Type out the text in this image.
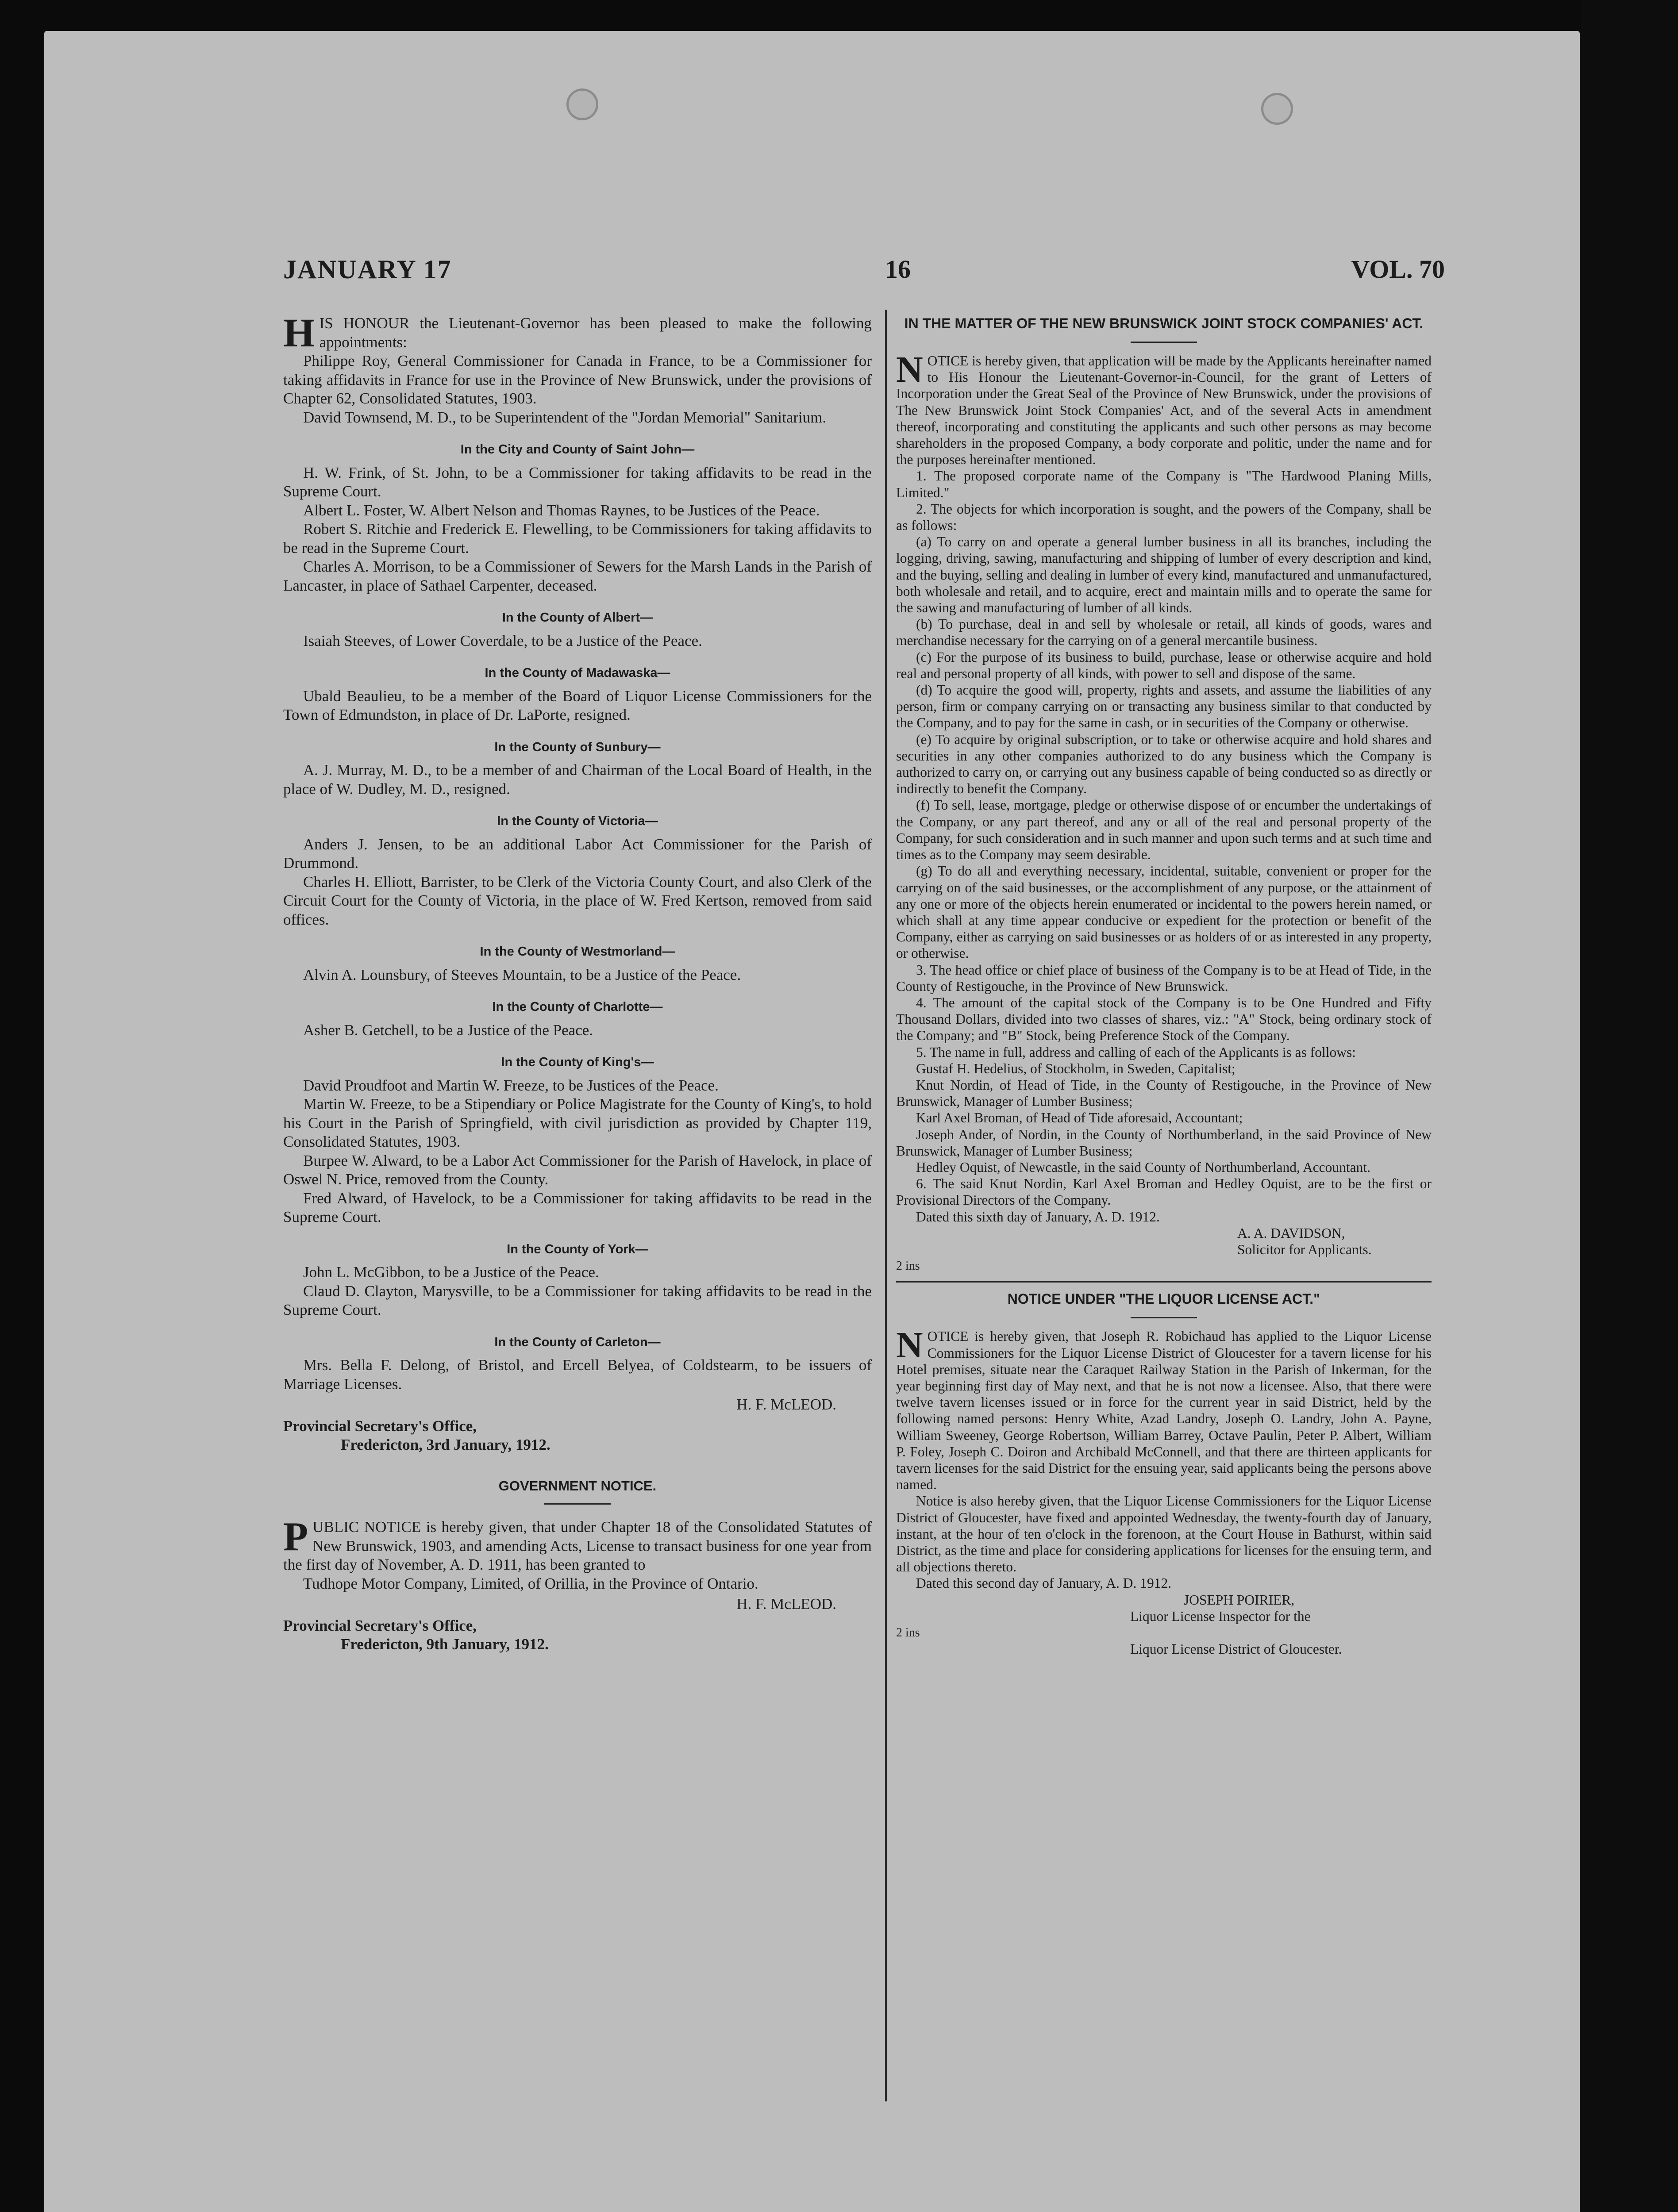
JANUARY 17	16	VOL. 70

HIS HONOUR the Lieutenant-Governor has been pleased to make the following appointments:

Philippe Roy, General Commissioner for Canada in France, to be a Commissioner for taking affidavits in France for use in the Province of New Brunswick, under the provisions of Chapter 62, Consolidated Statutes, 1903.

David Townsend, M. D., to be Superintendent of the "Jordan Memorial" Sanitarium.

In the City and County of Saint John—

H. W. Frink, of St. John, to be a Commissioner for taking affidavits to be read in the Supreme Court.

Albert L. Foster, W. Albert Nelson and Thomas Raynes, to be Justices of the Peace.

Robert S. Ritchie and Frederick E. Flewelling, to be Commissioners for taking affidavits to be read in the Supreme Court.

Charles A. Morrison, to be a Commissioner of Sewers for the Marsh Lands in the Parish of Lancaster, in place of Sathael Carpenter, deceased.

In the County of Albert—

Isaiah Steeves, of Lower Coverdale, to be a Justice of the Peace.

In the County of Madawaska—

Ubald Beaulieu, to be a member of the Board of Liquor License Commissioners for the Town of Edmundston, in place of Dr. LaPorte, resigned.

In the County of Sunbury—

A. J. Murray, M. D., to be a member of and Chairman of the Local Board of Health, in the place of W. Dudley, M. D., resigned.

In the County of Victoria—

Anders J. Jensen, to be an additional Labor Act Commissioner for the Parish of Drummond.

Charles H. Elliott, Barrister, to be Clerk of the Victoria County Court, and also Clerk of the Circuit Court for the County of Victoria, in the place of W. Fred Kertson, removed from said offices.

In the County of Westmorland—

Alvin A. Lounsbury, of Steeves Mountain, to be a Justice of the Peace.

In the County of Charlotte—

Asher B. Getchell, to be a Justice of the Peace.

In the County of King's—

David Proudfoot and Martin W. Freeze, to be Justices of the Peace.

Martin W. Freeze, to be a Stipendiary or Police Magistrate for the County of King's, to hold his Court in the Parish of Springfield, with civil jurisdiction as provided by Chapter 119, Consolidated Statutes, 1903.

Burpee W. Alward, to be a Labor Act Commissioner for the Parish of Havelock, in place of Oswel N. Price, removed from the County.

Fred Alward, of Havelock, to be a Commissioner for taking affidavits to be read in the Supreme Court.

In the County of York—

John L. McGibbon, to be a Justice of the Peace.

Claud D. Clayton, Marysville, to be a Commissioner for taking affidavits to be read in the Supreme Court.

In the County of Carleton—

Mrs. Bella F. Delong, of Bristol, and Ercell Belyea, of Coldstearm, to be issuers of Marriage Licenses.

H. F. McLEOD.

Provincial Secretary's Office,

Fredericton, 3rd January, 1912.

GOVERNMENT NOTICE.

PUBLIC NOTICE is hereby given, that under Chapter 18 of the Consolidated Statutes of New Brunswick, 1903, and amending Acts, License to transact business for one year from the first day of November, A. D. 1911, has been granted to

Tudhope Motor Company, Limited, of Orillia, in the Province of Ontario.

H. F. McLEOD.

Provincial Secretary's Office,

Fredericton, 9th January, 1912.

IN THE MATTER OF THE NEW BRUNSWICK JOINT STOCK COMPANIES' ACT.

NOTICE is hereby given, that application will be made by the Applicants hereinafter named to His Honour the Lieutenant-Governor-in-Council, for the grant of Letters of Incorporation under the Great Seal of the Province of New Brunswick, under the provisions of The New Brunswick Joint Stock Companies' Act, and of the several Acts in amendment thereof, incorporating and constituting the applicants and such other persons as may become shareholders in the proposed Company, a body corporate and politic, under the name and for the purposes hereinafter mentioned.

1. The proposed corporate name of the Company is "The Hardwood Planing Mills, Limited."

2. The objects for which incorporation is sought, and the powers of the Company, shall be as follows:

(a) To carry on and operate a general lumber business in all its branches, including the logging, driving, sawing, manufacturing and shipping of lumber of every description and kind, and the buying, selling and dealing in lumber of every kind, manufactured and unmanufactured, both wholesale and retail, and to acquire, erect and maintain mills and to operate the same for the sawing and manufacturing of lumber of all kinds.

(b) To purchase, deal in and sell by wholesale or retail, all kinds of goods, wares and merchandise necessary for the carrying on of a general mercantile business.

(c) For the purpose of its business to build, purchase, lease or otherwise acquire and hold real and personal property of all kinds, with power to sell and dispose of the same.

(d) To acquire the good will, property, rights and assets, and assume the liabilities of any person, firm or company carrying on or transacting any business similar to that conducted by the Company, and to pay for the same in cash, or in securities of the Company or otherwise.

(e) To acquire by original subscription, or to take or otherwise acquire and hold shares and securities in any other companies authorized to do any business which the Company is authorized to carry on, or carrying out any business capable of being conducted so as directly or indirectly to benefit the Company.

(f) To sell, lease, mortgage, pledge or otherwise dispose of or encumber the undertakings of the Company, or any part thereof, and any or all of the real and personal property of the Company, for such consideration and in such manner and upon such terms and at such time and times as to the Company may seem desirable.

(g) To do all and everything necessary, incidental, suitable, convenient or proper for the carrying on of the said businesses, or the accomplishment of any purpose, or the attainment of any one or more of the objects herein enumerated or incidental to the powers herein named, or which shall at any time appear conducive or expedient for the protection or benefit of the Company, either as carrying on said businesses or as holders of or as interested in any property, or otherwise.

3. The head office or chief place of business of the Company is to be at Head of Tide, in the County of Restigouche, in the Province of New Brunswick.

4. The amount of the capital stock of the Company is to be One Hundred and Fifty Thousand Dollars, divided into two classes of shares, viz.: "A" Stock, being ordinary stock of the Company; and "B" Stock, being Preference Stock of the Company.

5. The name in full, address and calling of each of the Applicants is as follows:

Gustaf H. Hedelius, of Stockholm, in Sweden, Capitalist;

Knut Nordin, of Head of Tide, in the County of Restigouche, in the Province of New Brunswick, Manager of Lumber Business;

Karl Axel Broman, of Head of Tide aforesaid, Accountant;

Joseph Ander, of Nordin, in the County of Northumberland, in the said Province of New Brunswick, Manager of Lumber Business;

Hedley Oquist, of Newcastle, in the said County of Northumberland, Accountant.

6. The said Knut Nordin, Karl Axel Broman and Hedley Oquist, are to be the first or Provisional Directors of the Company.

Dated this sixth day of January, A. D. 1912.

A. A. DAVIDSON,

Solicitor for Applicants.

2 ins

NOTICE UNDER "THE LIQUOR LICENSE ACT."

NOTICE is hereby given, that Joseph R. Robichaud has applied to the Liquor License Commissioners for the Liquor License District of Gloucester for a tavern license for his Hotel premises, situate near the Caraquet Railway Station in the Parish of Inkerman, for the year beginning first day of May next, and that he is not now a licensee. Also, that there were twelve tavern licenses issued or in force for the current year in said District, held by the following named persons: Henry White, Azad Landry, Joseph O. Landry, John A. Payne, William Sweeney, George Robertson, William Barrey, Octave Paulin, Peter P. Albert, William P. Foley, Joseph C. Doiron and Archibald McConnell, and that there are thirteen applicants for tavern licenses for the said District for the ensuing year, said applicants being the persons above named.

Notice is also hereby given, that the Liquor License Commissioners for the Liquor License District of Gloucester, have fixed and appointed Wednesday, the twenty-fourth day of January, instant, at the hour of ten o'clock in the forenoon, at the Court House in Bathurst, within said District, as the time and place for considering applications for licenses for the ensuing term, and all objections thereto.

Dated this second day of January, A. D. 1912.

JOSEPH POIRIER,

Liquor License Inspector for the

2 ins

Liquor License District of Gloucester.
